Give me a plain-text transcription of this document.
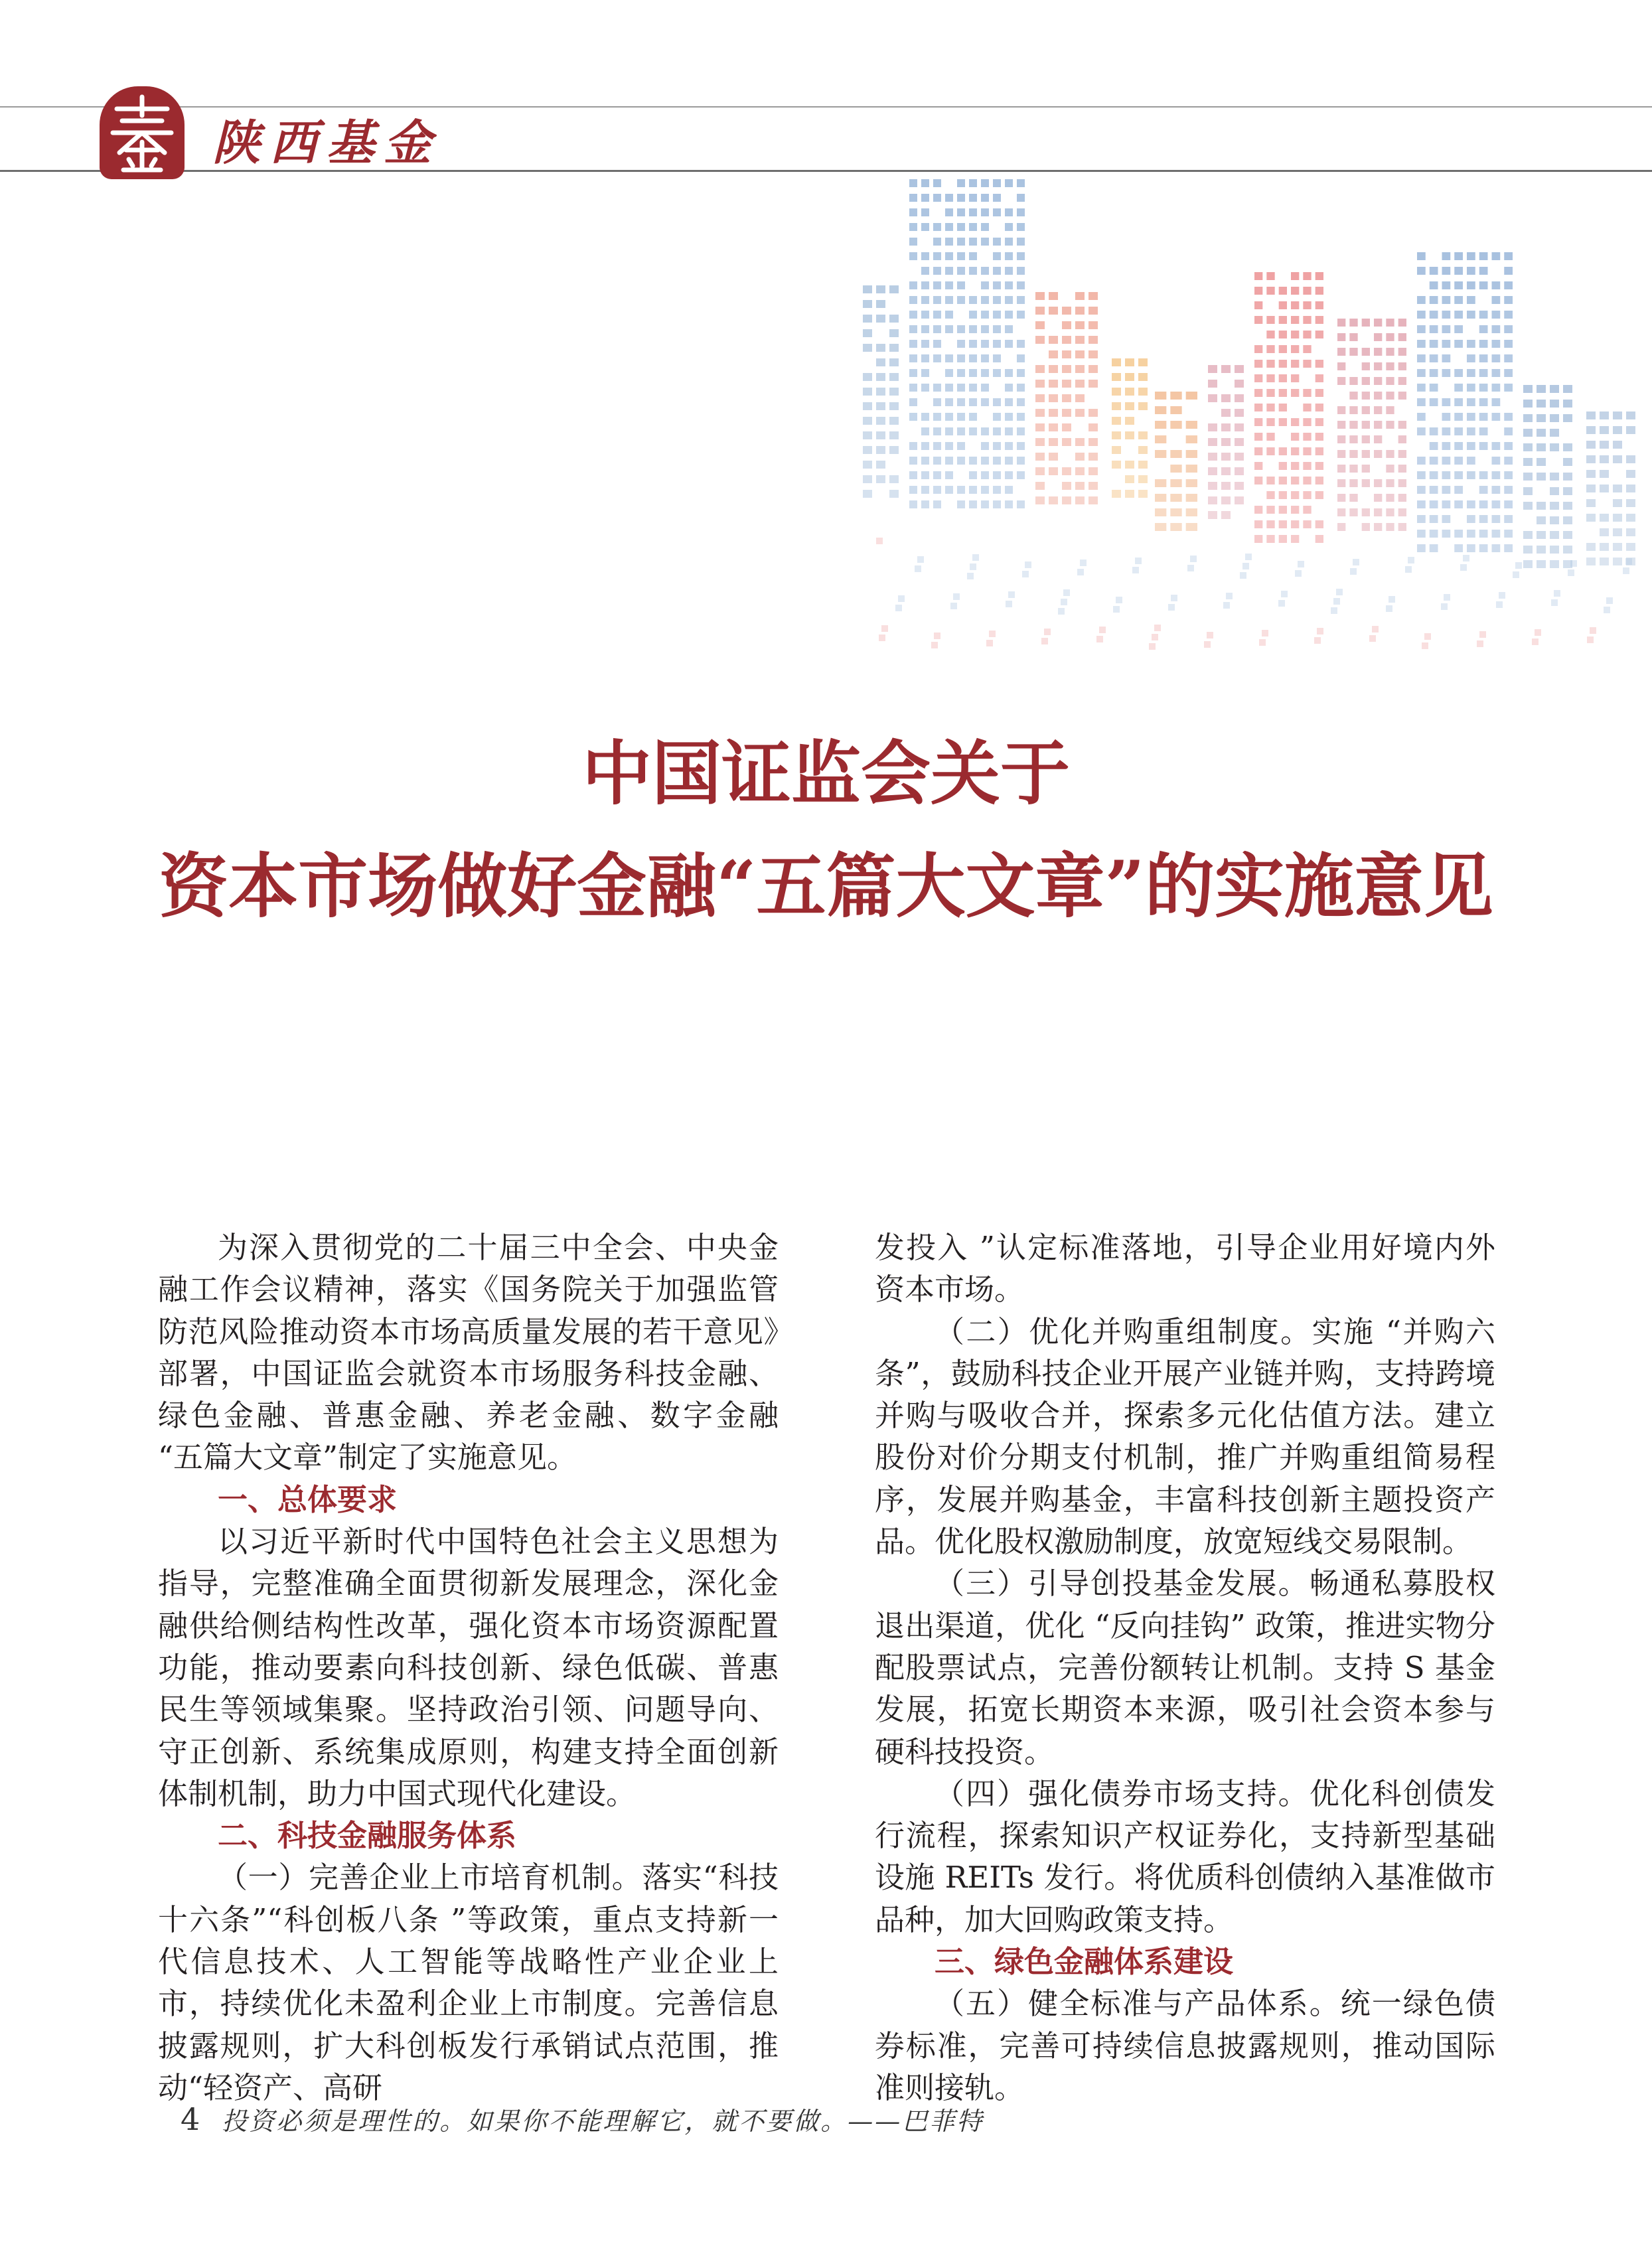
陕西基金
中国证监会关于
资本市场做好金融“五篇大文章”的实施意见

为深入贯彻党的二十届三中全会、中央金融工作会议精神，落实《国务院关于加强监管防范风险推动资本市场高质量发展的若干意见》部署，中国证监会就资本市场服务科技金融、绿色金融、普惠金融、养老金融、数字金融 “五篇大文章”制定了实施意见。

一、总体要求

以习近平新时代中国特色社会主义思想为指导，完整准确全面贯彻新发展理念，深化金融供给侧结构性改革，强化资本市场资源配置功能，推动要素向科技创新、绿色低碳、普惠民生等领域集聚。坚持政治引领、问题导向、守正创新、系统集成原则，构建支持全面创新体制机制，助力中国式现代化建设。

二、科技金融服务体系

（一）完善企业上市培育机制。落实“科技十六条”“科创板八条 ”等政策，重点支持新一代信息技术、人工智能等战略性产业企业上市，持续优化未盈利企业上市制度。完善信息披露规则，扩大科创板发行承销试点范围，推动“轻资产、高研

发投入 ”认定标准落地，引导企业用好境内外资本市场。

（二）优化并购重组制度。实施 “并购六条”，鼓励科技企业开展产业链并购，支持跨境并购与吸收合并，探索多元化估值方法。建立股份对价分期支付机制，推广并购重组简易程序，发展并购基金，丰富科技创新主题投资产品。优化股权激励制度，放宽短线交易限制。

（三）引导创投基金发展。畅通私募股权退出渠道，优化 “反向挂钩” 政策，推进实物分配股票试点，完善份额转让机制。支持 S 基金发展，拓宽长期资本来源，吸引社会资本参与硬科技投资。

（四）强化债券市场支持。优化科创债发行流程，探索知识产权证券化，支持新型基础设施 REITs 发行。将优质科创债纳入基准做市品种，加大回购政策支持。

三、绿色金融体系建设

（五）健全标准与产品体系。统一绿色债券标准，完善可持续信息披露规则，推动国际准则接轨。

4 投资必须是理性的。如果你不能理解它，就不要做。——巴菲特
